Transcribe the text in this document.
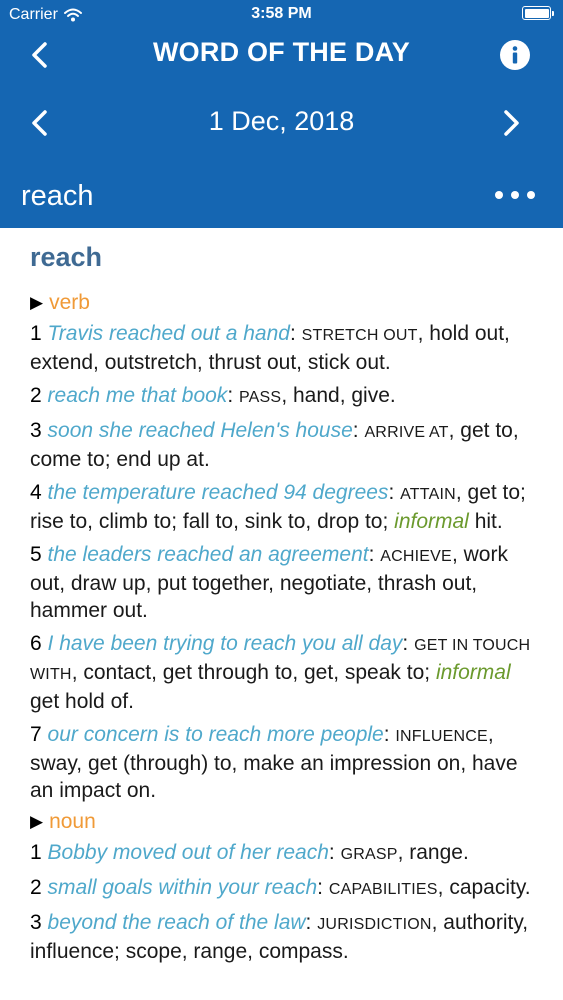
Carrier	3:58 PM
WORD OF THE DAY
1 Dec, 2018
reach
reach
▶ verb
1 Travis reached out a hand: STRETCH OUT, hold out, extend, outstretch, thrust out, stick out.
2 reach me that book: PASS, hand, give.
3 soon she reached Helen's house: ARRIVE AT, get to, come to; end up at.
4 the temperature reached 94 degrees: ATTAIN, get to; rise to, climb to; fall to, sink to, drop to; informal hit.
5 the leaders reached an agreement: ACHIEVE, work out, draw up, put together, negotiate, thrash out, hammer out.
6 I have been trying to reach you all day: GET IN TOUCH WITH, contact, get through to, get, speak to; informal get hold of.
7 our concern is to reach more people: INFLUENCE, sway, get (through) to, make an impression on, have an impact on.
▶ noun
1 Bobby moved out of her reach: GRASP, range.
2 small goals within your reach: CAPABILITIES, capacity.
3 beyond the reach of the law: JURISDICTION, authority, influence; scope, range, compass.
